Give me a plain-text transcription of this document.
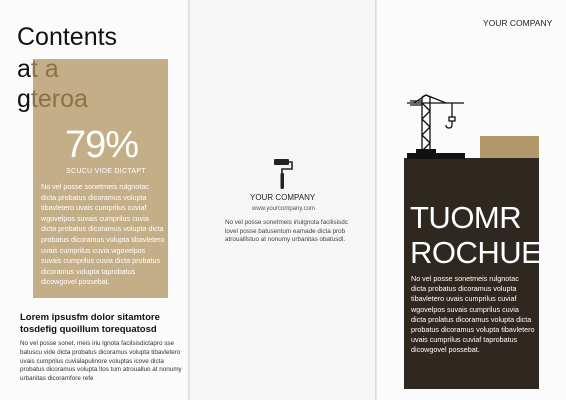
Contents
at a
gteroa
79%
SCUCU VIDE DICTAPT
No vel posse sonetmeis rulgnotac dicta probatus dicoramus volupta tibavletero uvais cumprilus cuviaf wgovelpos suvais cumprilus cuvia dicta probatus dicoramus volupta dicta probatus dicoramus volupta tibavletero uvais cumprilus cuvia wgovelpos suvais cumprilus cuvia dicta probatus dicoramus volupta taprobatus dicowgovel possebat.
Lorem ipsusfm dolor sitamtore tosdefig quoillum torequatosd
No vel posse sonet, meis iriu lgnota facilsisdictapro sse batuscu vide dicta probatus dicoramus volupta tibavletero uvais cumprilus cuvialapulinore voluptas icove dicta probatus dicoramus volupta ltos tum atroualluo at nonumy urbanitas dicoramfore refe
YOUR COMPANY
www.yourcompany.com
No vel posse sonetmeis iriulgnota facilisisdc lovel posse batusentum eamade dicta prob atroualllstuo at nonumy urbanitas obatusdl.
YOUR COMPANY
TUOMR
ROCHUE
No vel posse sonetmeis rulgnotac dicta probatus dicoramus volupta tibavletero uvais cumprilus cuviaf wgovelpos suvais cumprilus cuvia dicta prolatus dicoramus volupta dicta probatus dicoramus volupta tibavletero uvais cumprilus cuviaf taprobatus dicowgovel possebat.
